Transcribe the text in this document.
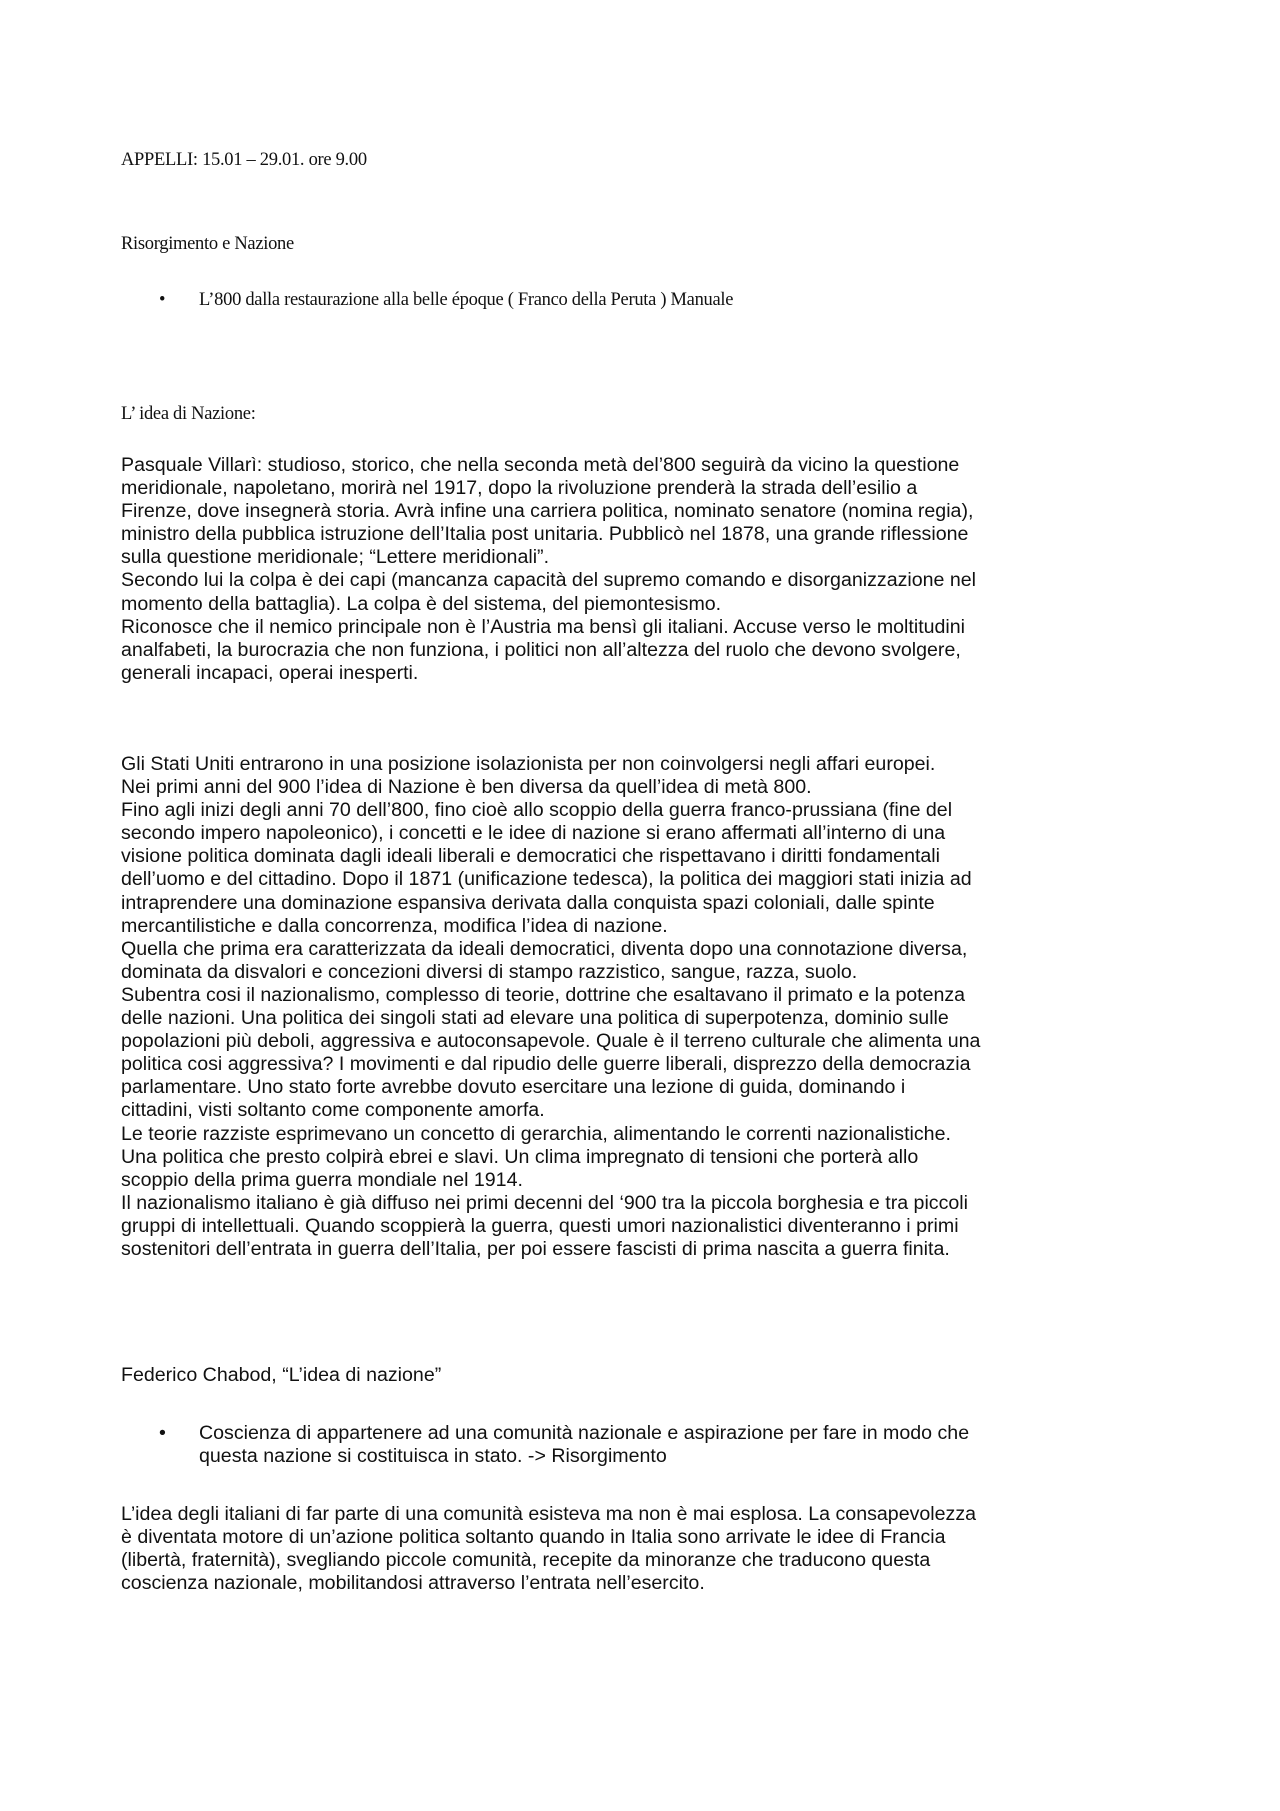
APPELLI: 15.01 – 29.01. ore 9.00
Risorgimento e Nazione
• L’800 dalla restaurazione alla belle époque ( Franco della Peruta ) Manuale
L’ idea di Nazione:

Pasquale Villarì: studioso, storico, che nella seconda metà del’800 seguirà da vicino la questione

meridionale, napoletano, morirà nel 1917, dopo la rivoluzione prenderà la strada dell’esilio a

Firenze, dove insegnerà storia. Avrà infine una carriera politica, nominato senatore (nomina regia),

ministro della pubblica istruzione dell’Italia post unitaria. Pubblicò nel 1878, una grande riflessione

sulla questione meridionale; “Lettere meridionali”.

Secondo lui la colpa è dei capi (mancanza capacità del supremo comando e disorganizzazione nel

momento della battaglia). La colpa è del sistema, del piemontesismo.

Riconosce che il nemico principale non è l’Austria ma bensì gli italiani. Accuse verso le moltitudini

analfabeti, la burocrazia che non funziona, i politici non all’altezza del ruolo che devono svolgere,

generali incapaci, operai inesperti.

Gli Stati Uniti entrarono in una posizione isolazionista per non coinvolgersi negli affari europei.

Nei primi anni del 900 l’idea di Nazione è ben diversa da quell’idea di metà 800.

Fino agli inizi degli anni 70 dell’800, fino cioè allo scoppio della guerra franco-prussiana (fine del

secondo impero napoleonico), i concetti e le idee di nazione si erano affermati all’interno di una

visione politica dominata dagli ideali liberali e democratici che rispettavano i diritti fondamentali

dell’uomo e del cittadino. Dopo il 1871 (unificazione tedesca), la politica dei maggiori stati inizia ad

intraprendere una dominazione espansiva derivata dalla conquista spazi coloniali, dalle spinte

mercantilistiche e dalla concorrenza, modifica l’idea di nazione.

Quella che prima era caratterizzata da ideali democratici, diventa dopo una connotazione diversa,

dominata da disvalori e concezioni diversi di stampo razzistico, sangue, razza, suolo.

Subentra cosi il nazionalismo, complesso di teorie, dottrine che esaltavano il primato e la potenza

delle nazioni. Una politica dei singoli stati ad elevare una politica di superpotenza, dominio sulle

popolazioni più deboli, aggressiva e autoconsapevole. Quale è il terreno culturale che alimenta una

politica cosi aggressiva? I movimenti e dal ripudio delle guerre liberali, disprezzo della democrazia

parlamentare. Uno stato forte avrebbe dovuto esercitare una lezione di guida, dominando i

cittadini, visti soltanto come componente amorfa.

Le teorie razziste esprimevano un concetto di gerarchia, alimentando le correnti nazionalistiche.

Una politica che presto colpirà ebrei e slavi. Un clima impregnato di tensioni che porterà allo

scoppio della prima guerra mondiale nel 1914.

Il nazionalismo italiano è già diffuso nei primi decenni del ‘900 tra la piccola borghesia e tra piccoli

gruppi di intellettuali. Quando scoppierà la guerra, questi umori nazionalistici diventeranno i primi

sostenitori dell’entrata in guerra dell’Italia, per poi essere fascisti di prima nascita a guerra finita.

Federico Chabod, “L’idea di nazione”

• Coscienza di appartenere ad una comunità nazionale e aspirazione per fare in modo che

questa nazione si costituisca in stato. -> Risorgimento

L’idea degli italiani di far parte di una comunità esisteva ma non è mai esplosa. La consapevolezza

è diventata motore di un’azione politica soltanto quando in Italia sono arrivate le idee di Francia

(libertà, fraternità), svegliando piccole comunità, recepite da minoranze che traducono questa

coscienza nazionale, mobilitandosi attraverso l’entrata nell’esercito.
